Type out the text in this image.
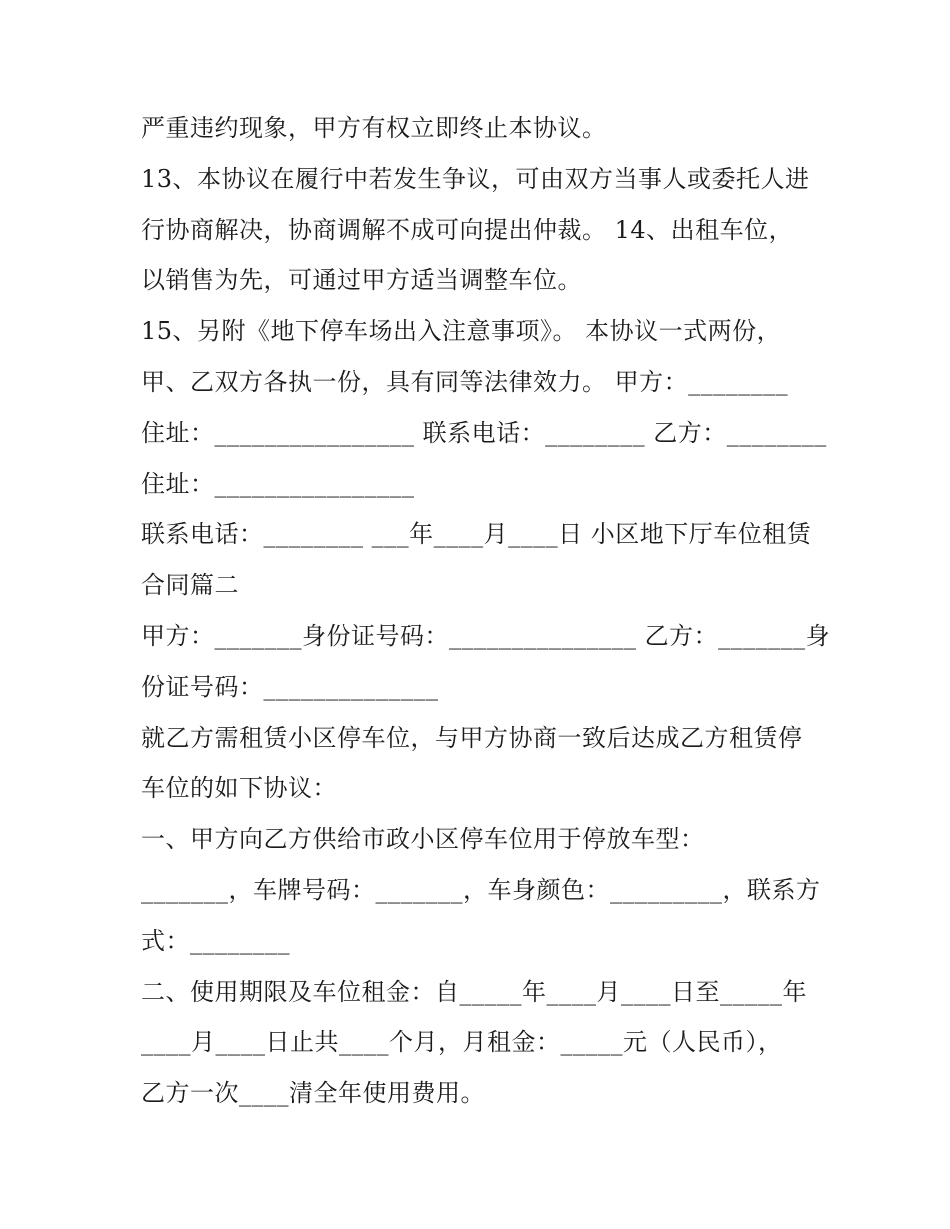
严重违约现象，甲方有权立即终止本协议。
13、本协议在履行中若发生争议，可由双方当事人或委托人进
行协商解决，协商调解不成可向提出仲裁。 14、出租车位，
以销售为先，可通过甲方适当调整车位。
15、另附《地下停车场出入注意事项》。 本协议一式两份，
甲、乙双方各执一份，具有同等法律效力。 甲方：________
住址：________________ 联系电话：________ 乙方：________
住址：________________
联系电话：________ ___年____月____日 小区地下厅车位租赁
合同篇二
甲方：_______身份证号码：_______________ 乙方：_______身
份证号码：______________
就乙方需租赁小区停车位，与甲方协商一致后达成乙方租赁停
车位的如下协议：
一、甲方向乙方供给市政小区停车位用于停放车型：
_______，车牌号码：_______，车身颜色：_________，联系方
式：________
二、使用期限及车位租金：自_____年____月____日至_____年
____月____日止共____个月，月租金：_____元（人民币），
乙方一次____清全年使用费用。
